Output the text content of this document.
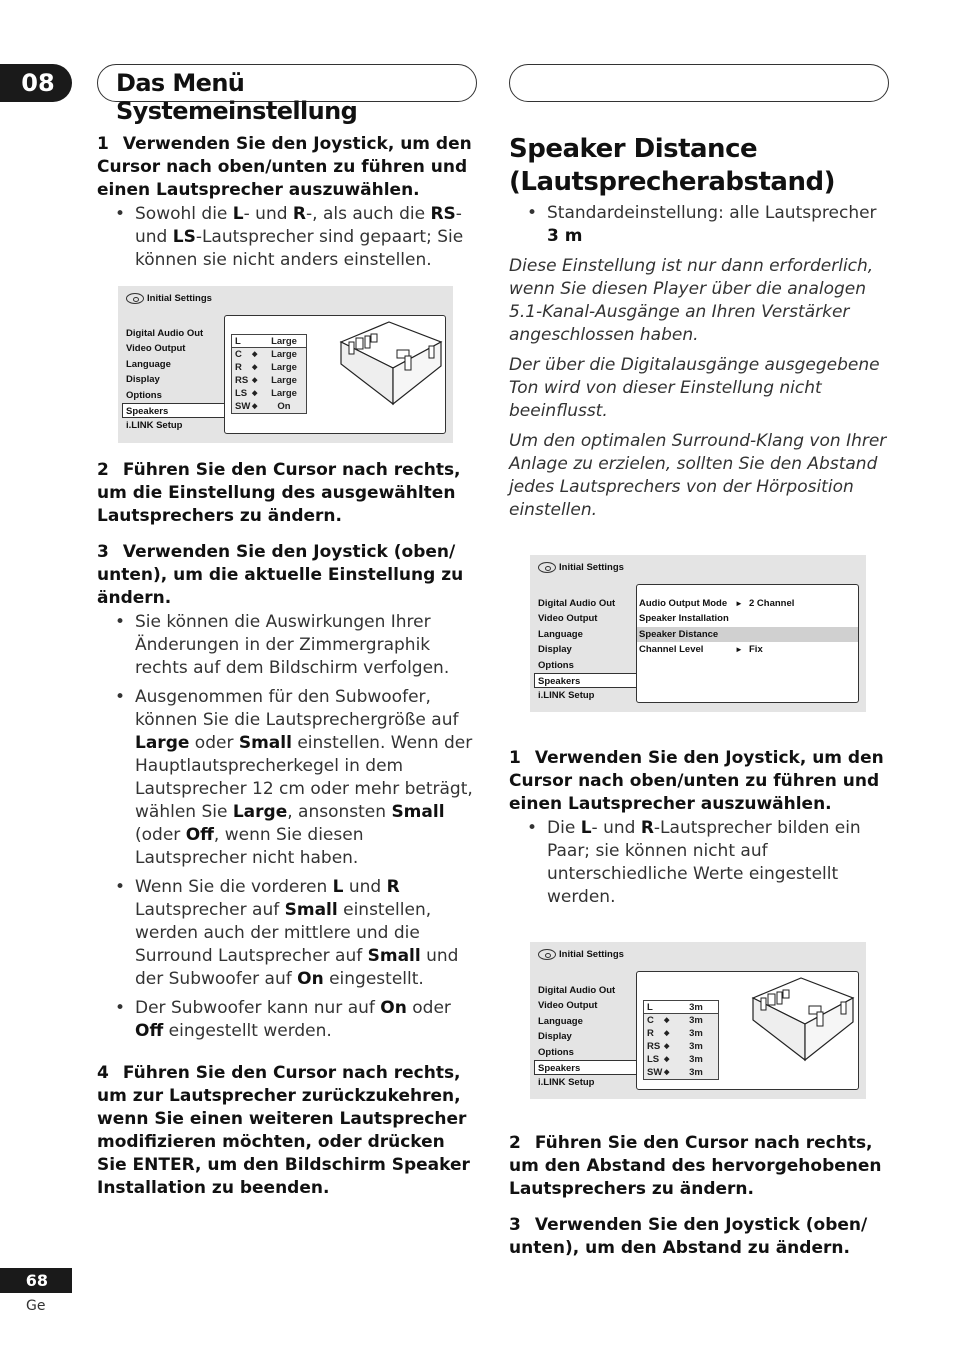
08	Das Menü Systemeinstellung
1 Verwenden Sie den Joystick, um den Cursor nach oben/unten zu führen und einen Lautsprecher auszuwählen.
• Sowohl die L- und R-, als auch die RS- und LS-Lautsprecher sind gepaart; Sie können sie nicht anders einstellen.
Initial Settings
Digital Audio Out
Video Output
Language
Display
Options
Speakers
i.LINK Setup
L	Large
C	◆	Large
R	◆	Large
RS ◆	Large
LS ◆	Large
SW ◆	On
2 Führen Sie den Cursor nach rechts, um die Einstellung des ausgewählten Lautsprechers zu ändern.
3 Verwenden Sie den Joystick (oben/ unten), um die aktuelle Einstellung zu ändern.
• Sie können die Auswirkungen Ihrer Änderungen in der Zimmergraphik rechts auf dem Bildschirm verfolgen.
• Ausgenommen für den Subwoofer, können Sie die Lautsprechergröße auf Large oder Small einstellen. Wenn der Hauptlautsprecherkegel in dem Lautsprecher 12 cm oder mehr beträgt, wählen Sie Large, ansonsten Small (oder Off, wenn Sie diesen Lautsprecher nicht haben.
• Wenn Sie die vorderen L und R Lautsprecher auf Small einstellen, werden auch der mittlere und die Surround Lautsprecher auf Small und der Subwoofer auf On eingestellt.
• Der Subwoofer kann nur auf On oder Off eingestellt werden.
4 Führen Sie den Cursor nach rechts, um zur Lautsprecher zurückzukehren, wenn Sie einen weiteren Lautsprecher modifizieren möchten, oder drücken Sie ENTER, um den Bildschirm Speaker Installation zu beenden.
Speaker Distance
(Lautsprecherabstand)
• Standardeinstellung: alle Lautsprecher 3 m
Diese Einstellung ist nur dann erforderlich, wenn Sie diesen Player über die analogen 5.1-Kanal-Ausgänge an Ihren Verstärker angeschlossen haben.
Der über die Digitalausgänge ausgegebene Ton wird von dieser Einstellung nicht beeinflusst.
Um den optimalen Surround-Klang von Ihrer Anlage zu erzielen, sollten Sie den Abstand jedes Lautsprechers von der Hörposition einstellen.
Initial Settings
Digital Audio Out
Video Output
Language
Display
Options
Speakers
i.LINK Setup
Audio Output Mode ► 2 Channel
Speaker Installation
Speaker Distance
Channel Level	► Fix
1 Verwenden Sie den Joystick, um den Cursor nach oben/unten zu führen und einen Lautsprecher auszuwählen.
• Die L- und R-Lautsprecher bilden ein Paar; sie können nicht auf unterschiedliche Werte eingestellt werden.
Initial Settings
Digital Audio Out
Video Output
Language
Display
Options
Speakers
i.LINK Setup
L	3m
C	◆	3m
R	◆	3m
RS ◆	3m
LS ◆	3m
SW ◆	3m
2 Führen Sie den Cursor nach rechts, um den Abstand des hervorgehobenen Lautsprechers zu ändern.
3 Verwenden Sie den Joystick (oben/ unten), um den Abstand zu ändern.
68
Ge
